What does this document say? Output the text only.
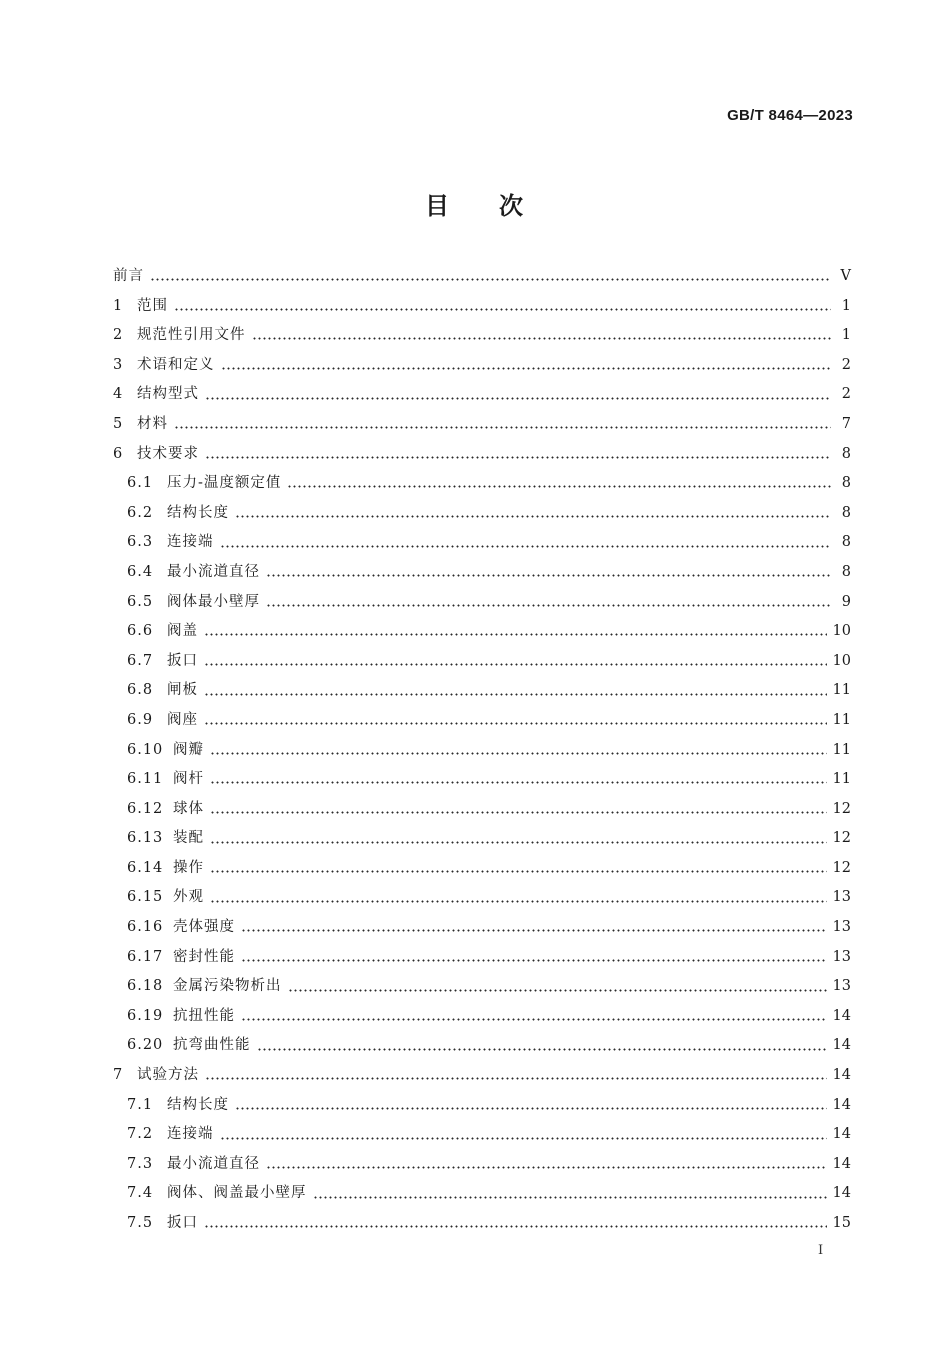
GB/T 8464—2023
目 次
前言	V
1 范围	1
2 规范性引用文件	1
3 术语和定义	2
4 结构型式	2
5 材料	7
6 技术要求	8
6.1 压力-温度额定值	8
6.2 结构长度	8
6.3 连接端	8
6.4 最小流道直径	8
6.5 阀体最小壁厚	9
6.6 阀盖	10
6.7 扳口	10
6.8 闸板	11
6.9 阀座	11
6.10 阀瓣	11
6.11 阀杆	11
6.12 球体	12
6.13 装配	12
6.14 操作	12
6.15 外观	13
6.16 壳体强度	13
6.17 密封性能	13
6.18 金属污染物析出	13
6.19 抗扭性能	14
6.20 抗弯曲性能	14
7 试验方法	14
7.1 结构长度	14
7.2 连接端	14
7.3 最小流道直径	14
7.4 阀体、阀盖最小壁厚	14
7.5 扳口	15
I
